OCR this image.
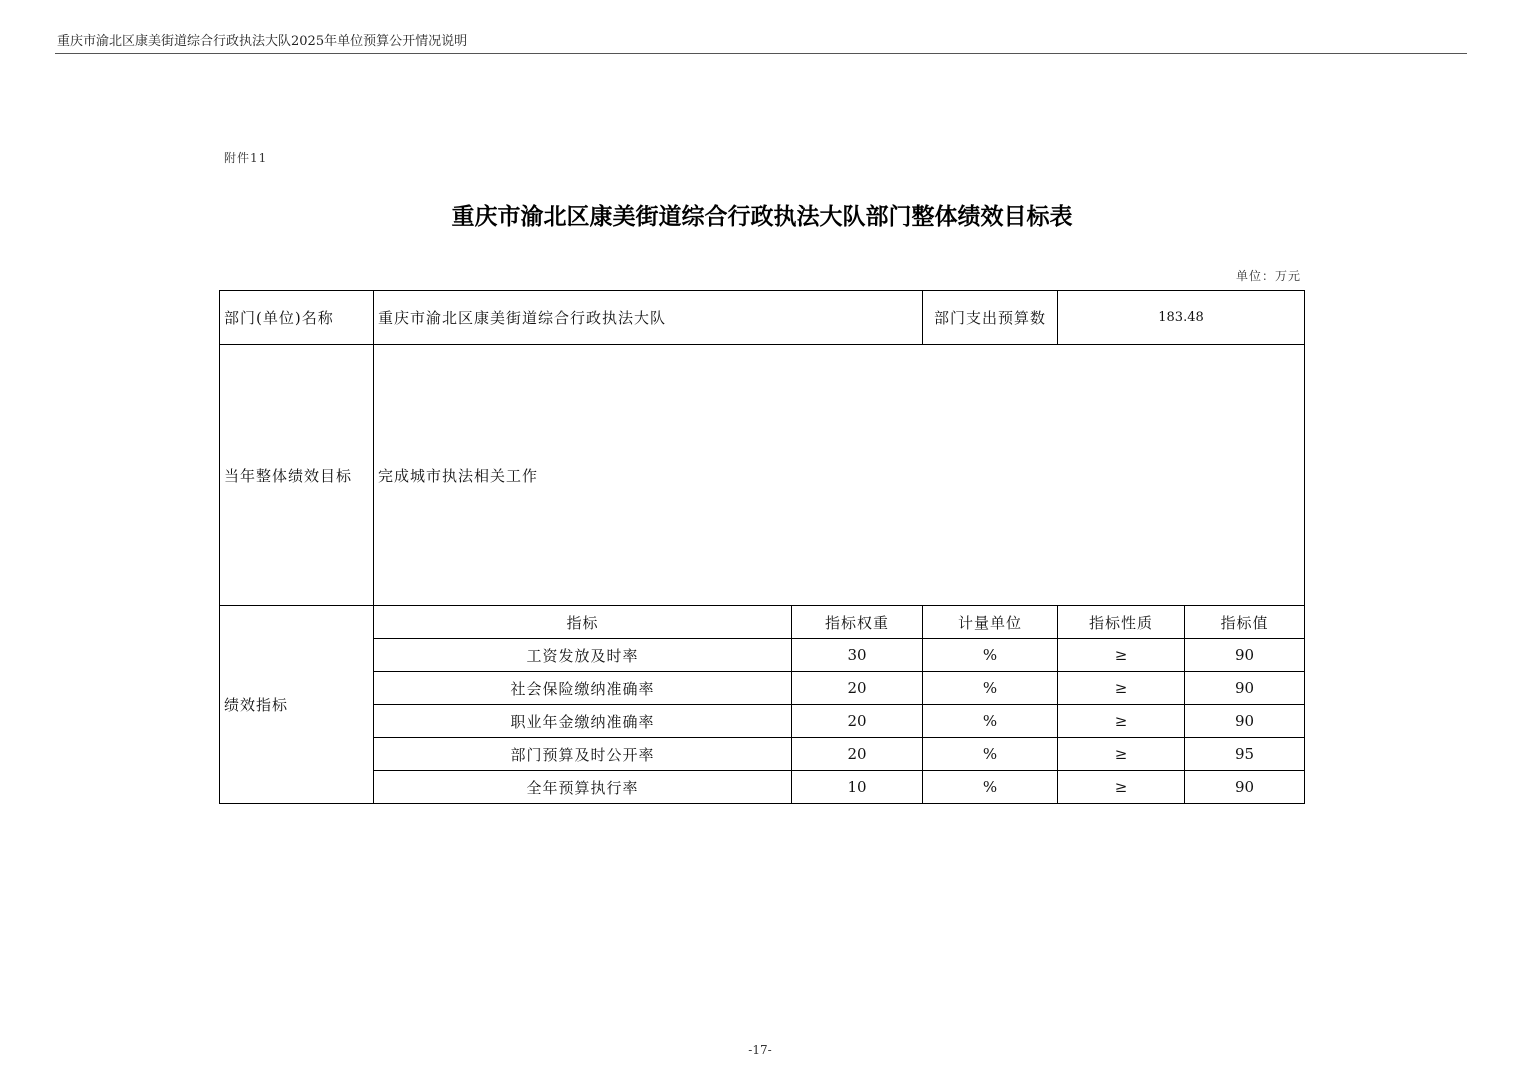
重庆市渝北区康美街道综合行政执法大队2025年单位预算公开情况说明
附件11
重庆市渝北区康美街道综合行政执法大队部门整体绩效目标表
单位：万元
部门(单位)名称	重庆市渝北区康美街道综合行政执法大队		部门支出预算数	183.48	
当年整体绩效目标	完成城市执法相关工作				
绩效指标	指标	指标权重	计量单位	指标性质	指标值
	工资发放及时率	30	%	≥	90
	社会保险缴纳准确率	20	%	≥	90
	职业年金缴纳准确率	20	%	≥	90
	部门预算及时公开率	20	%	≥	95
	全年预算执行率	10	%	≥	90
-17-
